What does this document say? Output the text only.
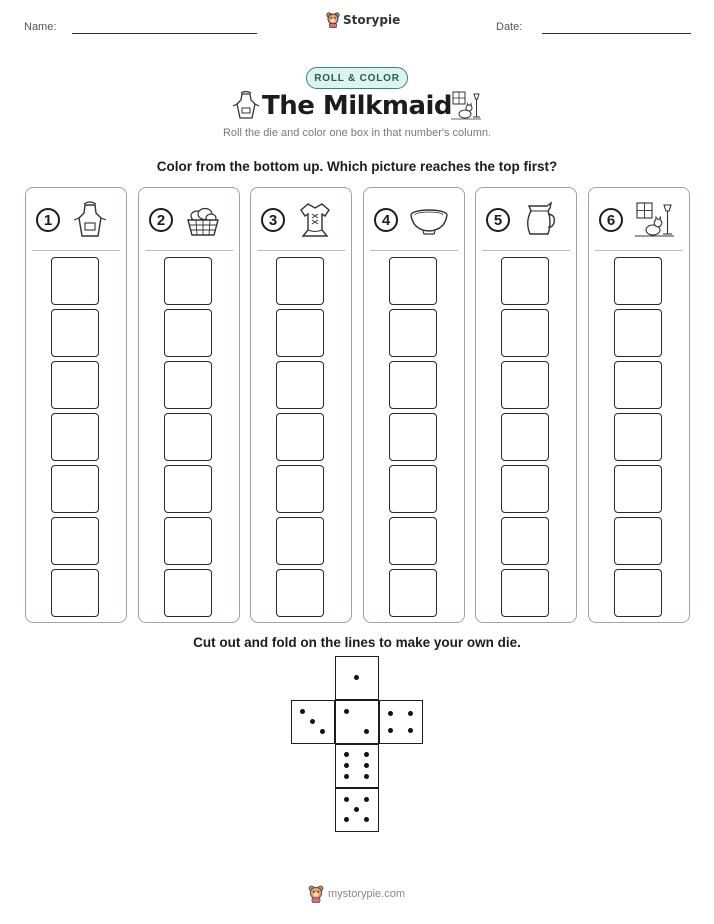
Name:	Storypie	Date:
ROLL & COLOR
The Milkmaid
Roll the die and color one box in that number's column.
Color from the bottom up. Which picture reaches the top first?
1	2	3	4	5	6
Cut out and fold on the lines to make your own die.
mystorypie.com
